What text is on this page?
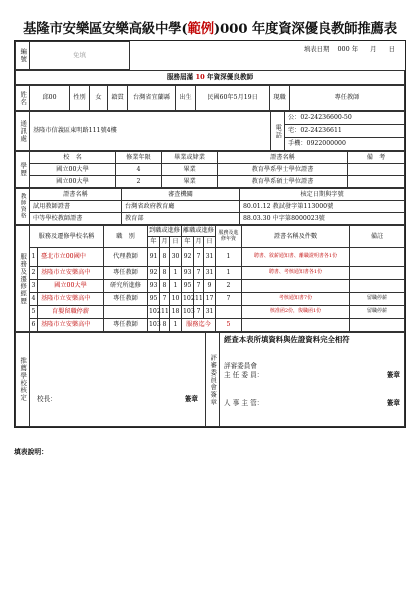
基隆市安樂區安樂高級中學(範例)000 年度資深優良教師推薦表
編號	免填	填表日期 000 年 月 日
服務屆滿 10 年資深優良教師
姓名	邱00	性別	女	籍貫	台灣省宜蘭縣	出生	民國60年5月19日	現職	專任教師
通訊處	基隆市信義區東明路111號4樓	電話	公：02-24236600-50
宅：02-24236611
手機：0922000000
學歷	校　名	修業年限	畢業或肄業	證書名稱	備　考
	國立00大學	4	畢業	教育學系學士學位證書	
	國立00大學	2	畢業	教育學系碩士學位證書	
教師資格	證書名稱	審查機關	核定日期與字號
	試用教師證書	台灣省政府教育廳	80.01.12 教試發字第113000號
	中等學校教師證書	教育部	88.03.30 中字第8000023號
服務及遷修經歷	服務及遷修學校名稱		職　別	到職或進修			離職或進修			服務及進修年資	證書名稱及件數	備註
				年	月	日	年	月	日			
	1	臺北市立00國中	代理教師	91	8	30	92	7	31	1	聘書、敘薪通知書、離職證明書各1份	
	2	基隆市立安樂高中	專任教師	92	8	1	93	7	31	1	聘書、考核通知書各1份	
	3	國立00大學	研究所進修	93	8	1	95	7	9	2		
	4	基隆市立安樂高中	專任教師	95	7	10	102	11	17	7	考核通知書7份	留職停薪
	5	育嬰留職停薪		102	11	18	103	7	31		核准函2份，復職函1份	留職停薪
	6	基隆市立安樂高中	專任教師	103	8	1	服務迄今			5		
推薦學校核定	校長：	簽章	評審委員會簽章	
經查本表所填資料與佐證資料完全相符
評審委員會
主 任 委 員：	簽章
人 事 主 管：	簽章
填表說明：
